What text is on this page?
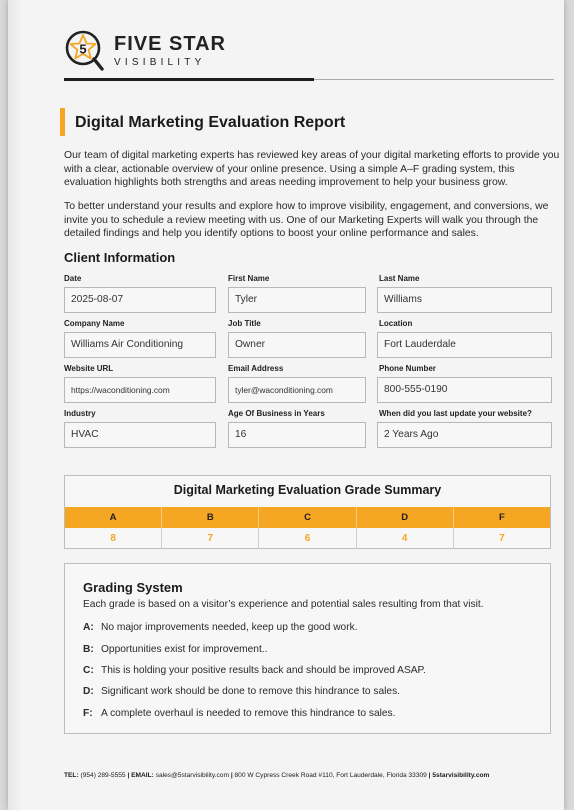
5 FIVE STAR
VISIBILITY
Digital Marketing Evaluation Report
Our team of digital marketing experts has reviewed key areas of your digital marketing efforts to provide you with a clear, actionable overview of your online presence. Using a simple A–F grading system, this evaluation highlights both strengths and areas needing improvement to help your business grow.
To better understand your results and explore how to improve visibility, engagement, and conversions, we invite you to schedule a review meeting with us. One of our Marketing Experts will walk you through the detailed findings and help you identify options to boost your online performance and sales.
Client Information
Date
2025-08-07
First Name
Tyler
Last Name
Williams
Company Name
Williams Air Conditioning
Job Title
Owner
Location
Fort Lauderdale
Website URL
https://waconditioning.com
Email Address
tyler@waconditioning.com
Phone Number
800-555-0190
Industry
HVAC
Age Of Business in Years
16
When did you last update your website?
2 Years Ago
Digital Marketing Evaluation Grade Summary
A	B	C	D	F
8	7	6	4	7
Grading System
Each grade is based on a visitor’s experience and potential sales resulting from that visit.
A: No major improvements needed, keep up the good work.
B: Opportunities exist for improvement..
C: This is holding your positive results back and should be improved ASAP.
D: Significant work should be done to remove this hindrance to sales.
F: A complete overhaul is needed to remove this hindrance to sales.
TEL: (954) 289-5555 | EMAIL: sales@5starvisibility.com | 800 W Cypress Creek Road #110, Fort Lauderdale, Florida 33309 | 5starvisibility.com
